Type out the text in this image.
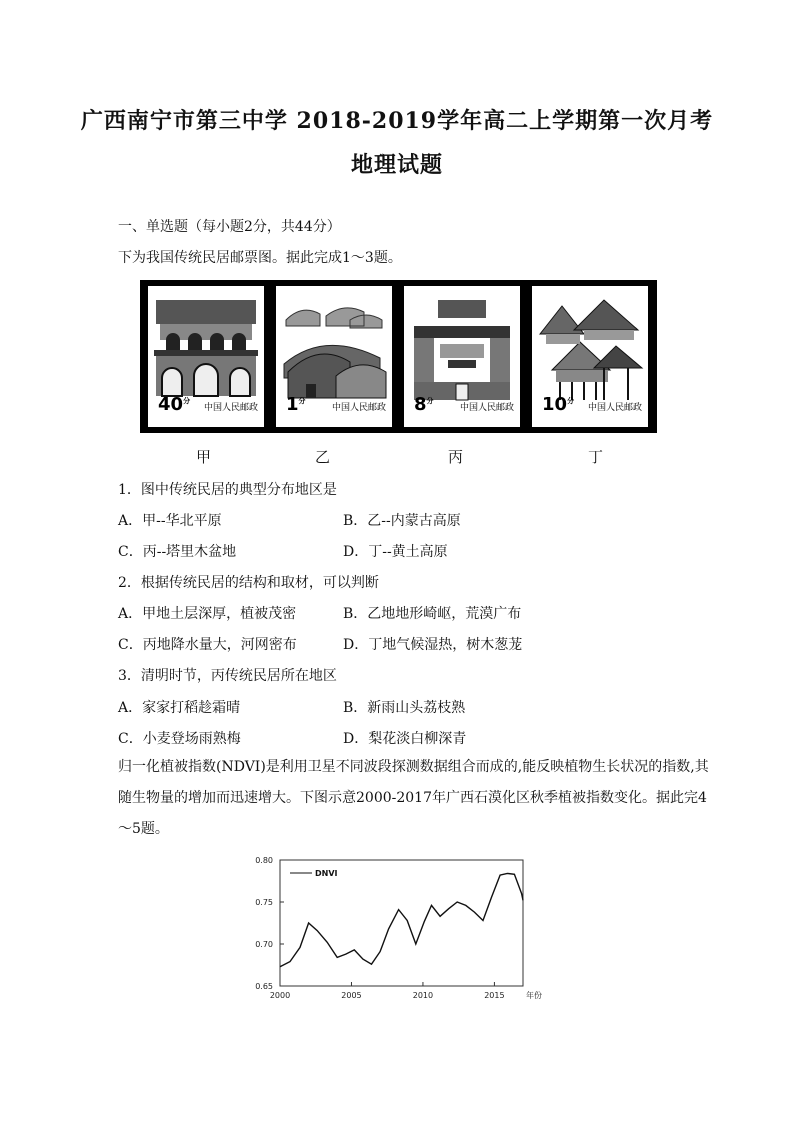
广西南宁市第三中学 2018-2019学年高二上学期第一次月考
地理试题
一、单选题（每小题2分，共44分）
下为我国传统民居邮票图。据此完成1～3题。
$40^分$
中国人民邮政 $1^分$
中国人民邮政 $8^分$
中国人民邮政 $10^分$
中国人民邮政
甲	乙	丙	丁
1．图中传统民居的典型分布地区是
A．甲--华北平原	B．乙--内蒙古高原
C．丙--塔里木盆地	D．丁--黄土高原
2．根据传统民居的结构和取材，可以判断
A．甲地土层深厚，植被茂密	B．乙地地形崎岖，荒漠广布
C．丙地降水量大，河网密布	D．丁地气候湿热，树木葱茏
3．清明时节，丙传统民居所在地区
A．家家打稻趁霜晴	B．新雨山头荔枝熟
C．小麦登场雨熟梅	D．梨花淡白柳深青
归一化植被指数(NDVI)是利用卫星不同波段探测数据组合而成的,能反映植物生长状况的指数,其随生物量的增加而迅速增大。下图示意2000-2017年广西石漠化区秋季植被指数变化。据此完4～5题。
0.80
0.75
0.70
0.65
2000	2005	2010	2015	年份
DNVI
